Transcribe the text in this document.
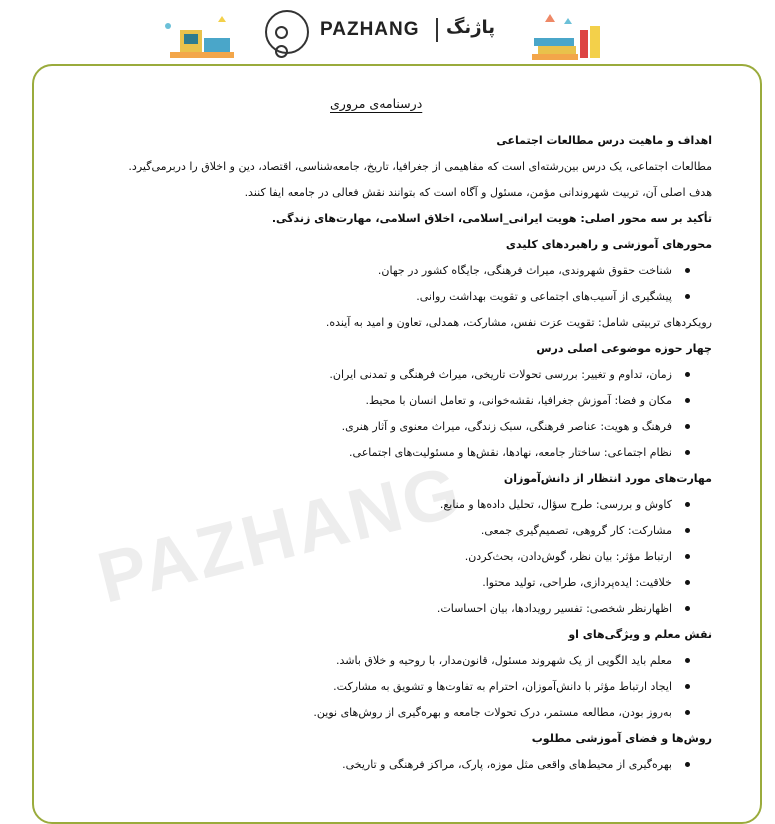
PAZHANG پاژنگ
درسنامه‌ی مروری
اهداف و ماهیت درس مطالعات اجتماعی
مطالعات اجتماعی، یک درس بین‌رشته‌ای است که مفاهیمی از جغرافیا، تاریخ، جامعه‌شناسی، اقتصاد، دین و اخلاق را دربرمی‌گیرد.
هدف اصلی آن، تربیت شهروندانی مؤمن، مسئول و آگاه است که بتوانند نقش فعالی در جامعه ایفا کنند.
تأکید بر سه محور اصلی: هویت ایرانی_اسلامی، اخلاق اسلامی، مهارت‌های زندگی.
محورهای آموزشی و راهبردهای کلیدی
شناخت حقوق شهروندی، میراث فرهنگی، جایگاه کشور در جهان.
پیشگیری از آسیب‌های اجتماعی و تقویت بهداشت روانی.
رویکردهای تربیتی شامل: تقویت عزت نفس، مشارکت، همدلی، تعاون و امید به آینده.
چهار حوزه موضوعی اصلی درس
زمان، تداوم و تغییر: بررسی تحولات تاریخی، میراث فرهنگی و تمدنی ایران.
مکان و فضا: آموزش جغرافیا، نقشه‌خوانی، و تعامل انسان با محیط.
فرهنگ و هویت: عناصر فرهنگی، سبک زندگی، میراث معنوی و آثار هنری.
نظام اجتماعی: ساختار جامعه، نهادها، نقش‌ها و مسئولیت‌های اجتماعی.
مهارت‌های مورد انتظار از دانش‌آموزان
کاوش و بررسی: طرح سؤال، تحلیل داده‌ها و منابع.
مشارکت: کار گروهی، تصمیم‌گیری جمعی.
ارتباط مؤثر: بیان نظر، گوش‌دادن، بحث‌کردن.
خلاقیت: ایده‌پردازی، طراحی، تولید محتوا.
اظهارنظر شخصی: تفسیر رویدادها، بیان احساسات.
نقش معلم و ویژگی‌های او
معلم باید الگویی از یک شهروند مسئول، قانون‌مدار، با روحیه و خلاق باشد.
ایجاد ارتباط مؤثر با دانش‌آموزان، احترام به تفاوت‌ها و تشویق به مشارکت.
به‌روز بودن، مطالعه مستمر، درک تحولات جامعه و بهره‌گیری از روش‌های نوین.
روش‌ها و فضای آموزشی مطلوب
بهره‌گیری از محیط‌های واقعی مثل موزه، پارک، مراکز فرهنگی و تاریخی.
